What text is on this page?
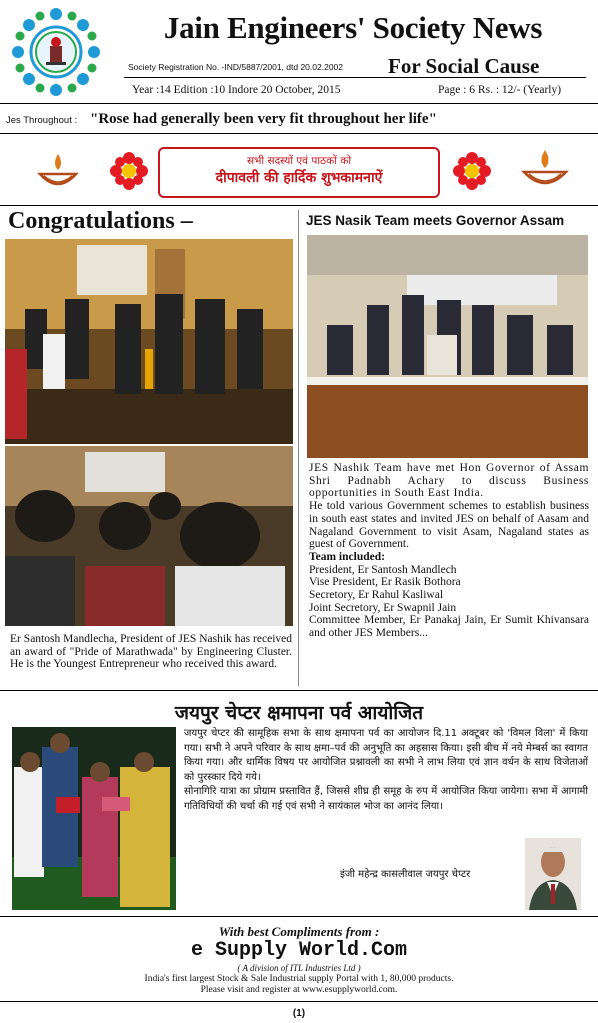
Jain Engineers' Society News
Society Registration No. -IND/5887/2001, dtd 20.02.2002 For Social Cause
Year :14 Edition :10 Indore 20 October, 2015	Page : 6 Rs. : 12/- (Yearly)
Jes Throughout : "Rose had generally been very fit throughout her life"
सभी सदस्यों एवं पाठकों को
दीपावली की हार्दिक शुभकामनाऐं
Congratulations –
Er Santosh Mandlecha, President of JES Nashik has received an award of "Pride of Marathwada" by Engineering Cluster. He is the Youngest Entrepreneur who received this award.
JES Nasik Team meets Governor Assam
JES Nashik Team have met Hon Governor of Assam Shri Padnabh Achary to discuss Business opportunities in South East India.
He told various Government schemes to establish business in south east states and invited JES on behalf of Aasam and Nagaland Government to visit Asam, Nagaland states as guest of Government.
Team included:
President, Er Santosh Mandlech
Vise President, Er Rasik Bothora
Secretory, Er Rahul Kasliwal
Joint Secretory, Er Swapnil Jain
Committee Member, Er Panakaj Jain, Er Sumit Khivansara and other JES Members...
जयपुर चेप्टर क्षमापना पर्व आयोजित
जयपुर चेप्टर की सामूहिक सभा के साथ क्षमापना पर्व का आयोजन दि.11 अक्टूबर को 'विमल विला' में किया गया। सभी ने अपने परिवार के साथ क्षमा–पर्व की अनुभूति का अहसास किया। इसी बीच में नये मेम्बर्स का स्वागत किया गया। और धार्मिक विषय पर आयोजित प्रश्नावली का सभी ने लाभ लिया एवं ज्ञान वर्धन के साथ विजेताओं को पुरस्कार दिये गये।
सोनागिरि यात्रा का प्रोग्राम प्रस्तावित हैं, जिससे शीघ्र ही समूह के रुप में आयोजित किया जायेगा। सभा में आगामी गतिविधियों की चर्चा की गई एवं सभी ने सायंकाल भोज का आनंद लिया।
इंजी महेन्द्र कासलीवाल जयपुर चेप्टर
With best Compliments from :
e Supply World.Com
( A division of ITL Industries Ltd )
India's first largest Stock & Sale Industrial supply Portal with 1, 80,000 products.
Please visit and register at www.esupplyworld.com.
(1)
